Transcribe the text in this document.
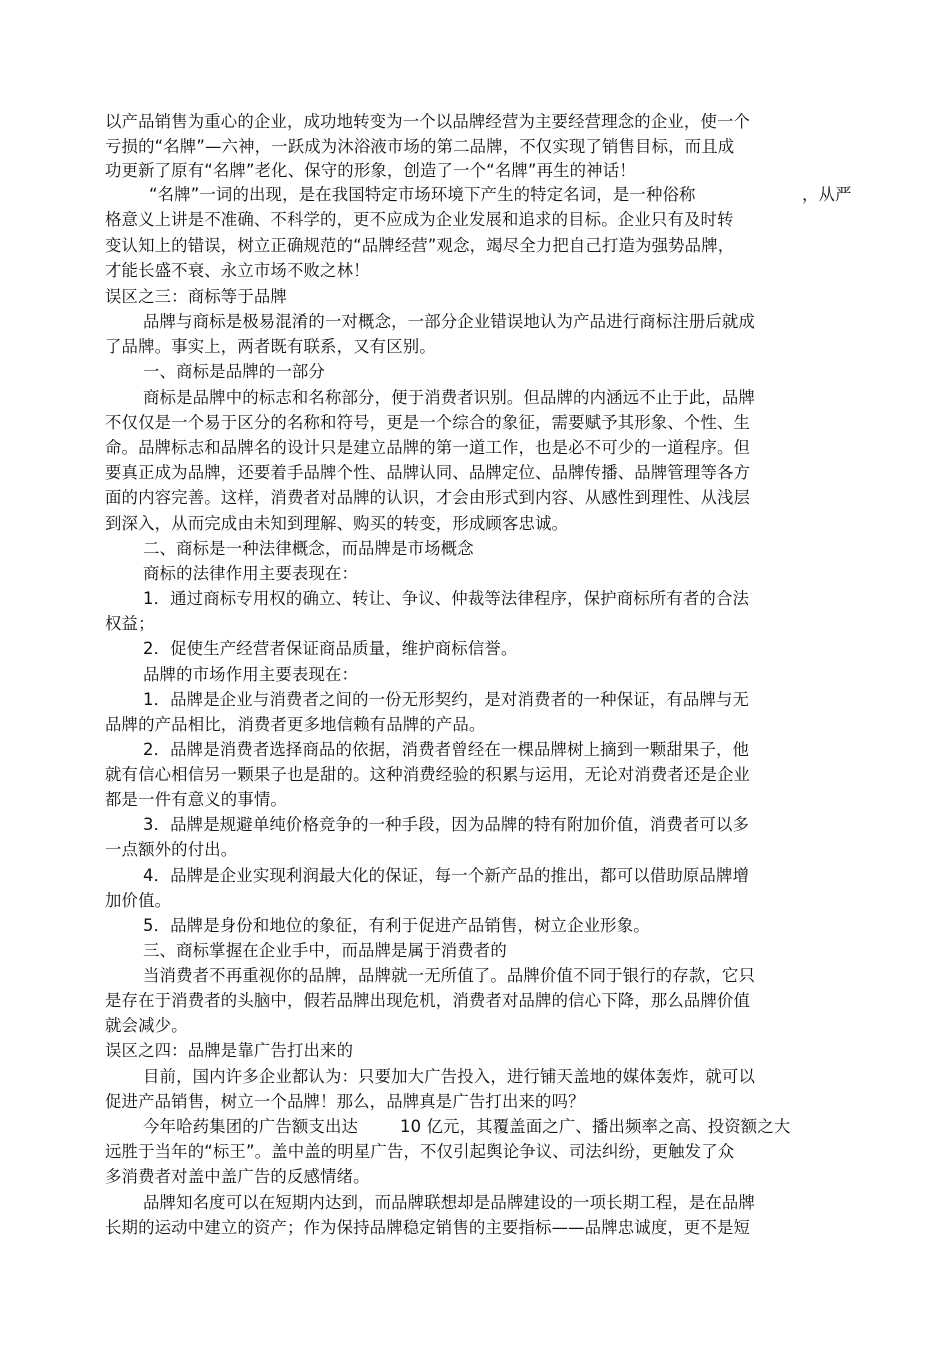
以产品销售为重心的企业，成功地转变为一个以品牌经营为主要经营理念的企业，使一个
亏损的“名牌”—六神，一跃成为沐浴液市场的第二品牌，不仅实现了销售目标，而且成
功更新了原有“名牌”老化、保守的形象，创造了一个“名牌”再生的神话！
“名牌”一词的出现，是在我国特定市场环境下产生的特定名词，是一种俗称	，从严
格意义上讲是不准确、不科学的，更不应成为企业发展和追求的目标。企业只有及时转
变认知上的错误，树立正确规范的“品牌经营”观念，竭尽全力把自己打造为强势品牌，
才能长盛不衰、永立市场不败之林！
误区之三：商标等于品牌
品牌与商标是极易混淆的一对概念，一部分企业错误地认为产品进行商标注册后就成
了品牌。事实上，两者既有联系，又有区别。
一、商标是品牌的一部分
商标是品牌中的标志和名称部分，便于消费者识别。但品牌的内涵远不止于此，品牌
不仅仅是一个易于区分的名称和符号，更是一个综合的象征，需要赋予其形象、个性、生
命。品牌标志和品牌名的设计只是建立品牌的第一道工作，也是必不可少的一道程序。但
要真正成为品牌，还要着手品牌个性、品牌认同、品牌定位、品牌传播、品牌管理等各方
面的内容完善。这样，消费者对品牌的认识，才会由形式到内容、从感性到理性、从浅层
到深入，从而完成由未知到理解、购买的转变，形成顾客忠诚。
二、商标是一种法律概念，而品牌是市场概念
商标的法律作用主要表现在：
1．通过商标专用权的确立、转让、争议、仲裁等法律程序，保护商标所有者的合法
权益；
2．促使生产经营者保证商品质量，维护商标信誉。
品牌的市场作用主要表现在：
1．品牌是企业与消费者之间的一份无形契约，是对消费者的一种保证，有品牌与无
品牌的产品相比，消费者更多地信赖有品牌的产品。
2．品牌是消费者选择商品的依据，消费者曾经在一棵品牌树上摘到一颗甜果子，他
就有信心相信另一颗果子也是甜的。这种消费经验的积累与运用，无论对消费者还是企业
都是一件有意义的事情。
3．品牌是规避单纯价格竞争的一种手段，因为品牌的特有附加价值，消费者可以多
一点额外的付出。
4．品牌是企业实现利润最大化的保证，每一个新产品的推出，都可以借助原品牌增
加价值。
5．品牌是身份和地位的象征，有利于促进产品销售，树立企业形象。
三、商标掌握在企业手中，而品牌是属于消费者的
当消费者不再重视你的品牌，品牌就一无所值了。品牌价值不同于银行的存款，它只
是存在于消费者的头脑中，假若品牌出现危机，消费者对品牌的信心下降，那么品牌价值
就会减少。
误区之四：品牌是靠广告打出来的
目前，国内许多企业都认为：只要加大广告投入，进行铺天盖地的媒体轰炸，就可以
促进产品销售，树立一个品牌！那么，品牌真是广告打出来的吗？
今年哈药集团的广告额支出达	10 亿元，其覆盖面之广、播出频率之高、投资额之大
远胜于当年的“标王”。盖中盖的明星广告，不仅引起舆论争议、司法纠纷，更触发了众
多消费者对盖中盖广告的反感情绪。
品牌知名度可以在短期内达到，而品牌联想却是品牌建设的一项长期工程，是在品牌
长期的运动中建立的资产；作为保持品牌稳定销售的主要指标——品牌忠诚度，更不是短
